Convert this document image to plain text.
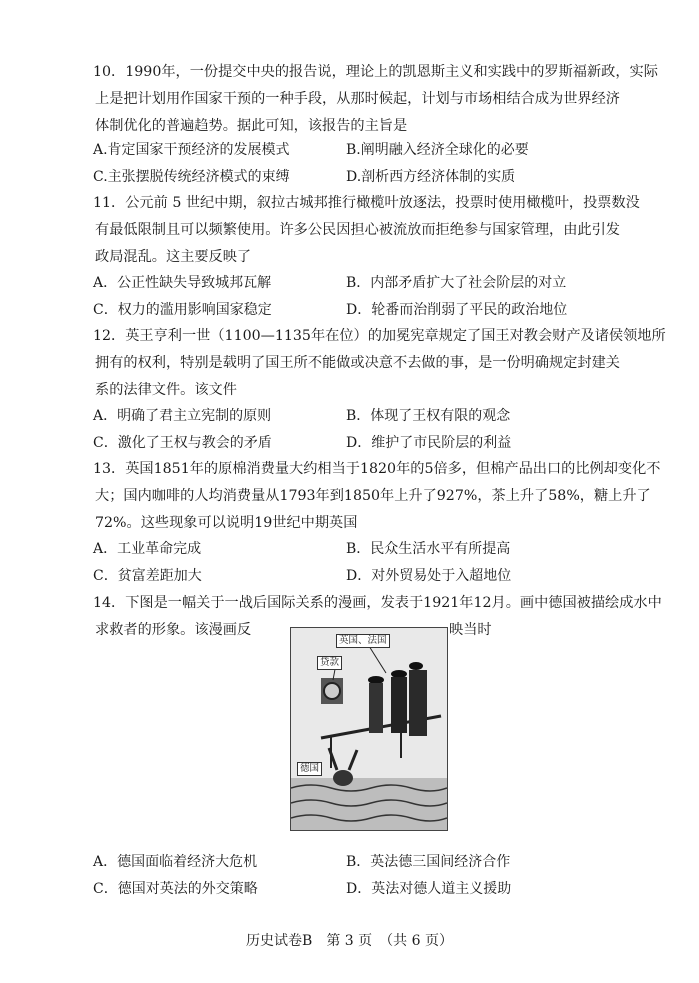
10．1990年，一份提交中央的报告说，理论上的凯恩斯主义和实践中的罗斯福新政，实际

上是把计划用作国家干预的一种手段，从那时候起，计划与市场相结合成为世界经济

体制优化的普遍趋势。据此可知，该报告的主旨是

A.肯定国家干预经济的发展模式	B.阐明融入经济全球化的必要
C.主张摆脱传统经济模式的束缚	D.剖析西方经济体制的实质

11．公元前 5 世纪中期，叙拉古城邦推行橄榄叶放逐法，投票时使用橄榄叶，投票数没

有最低限制且可以频繁使用。许多公民因担心被流放而拒绝参与国家管理，由此引发

政局混乱。这主要反映了

A．公正性缺失导致城邦瓦解	B．内部矛盾扩大了社会阶层的对立
C．权力的滥用影响国家稳定	D．轮番而治削弱了平民的政治地位

12．英王亨利一世（1100—1135年在位）的加冕宪章规定了国王对教会财产及诸侯领地所

拥有的权利，特别是载明了国王所不能做或决意不去做的事，是一份明确规定封建关

系的法律文件。该文件

A．明确了君主立宪制的原则	B．体现了王权有限的观念
C．激化了王权与教会的矛盾	D．维护了市民阶层的利益

13．英国1851年的原棉消费量大约相当于1820年的5倍多，但棉产品出口的比例却变化不

大；国内咖啡的人均消费量从1793年到1850年上升了927%，茶上升了58%，糖上升了

72%。这些现象可以说明19世纪中期英国

A．工业革命完成	B．民众生活水平有所提高
C．贫富差距加大	D．对外贸易处于入超地位

14．下图是一幅关于一战后国际关系的漫画，发表于1921年12月。画中德国被描绘成水中

求救者的形象。该漫画反	映当时
英国、法国
贷款
德国
A．德国面临着经济大危机	B．英法德三国间经济合作
C．德国对英法的外交策略	D．英法对德人道主义援助
历史试卷B　第 3 页　（共 6 页）
